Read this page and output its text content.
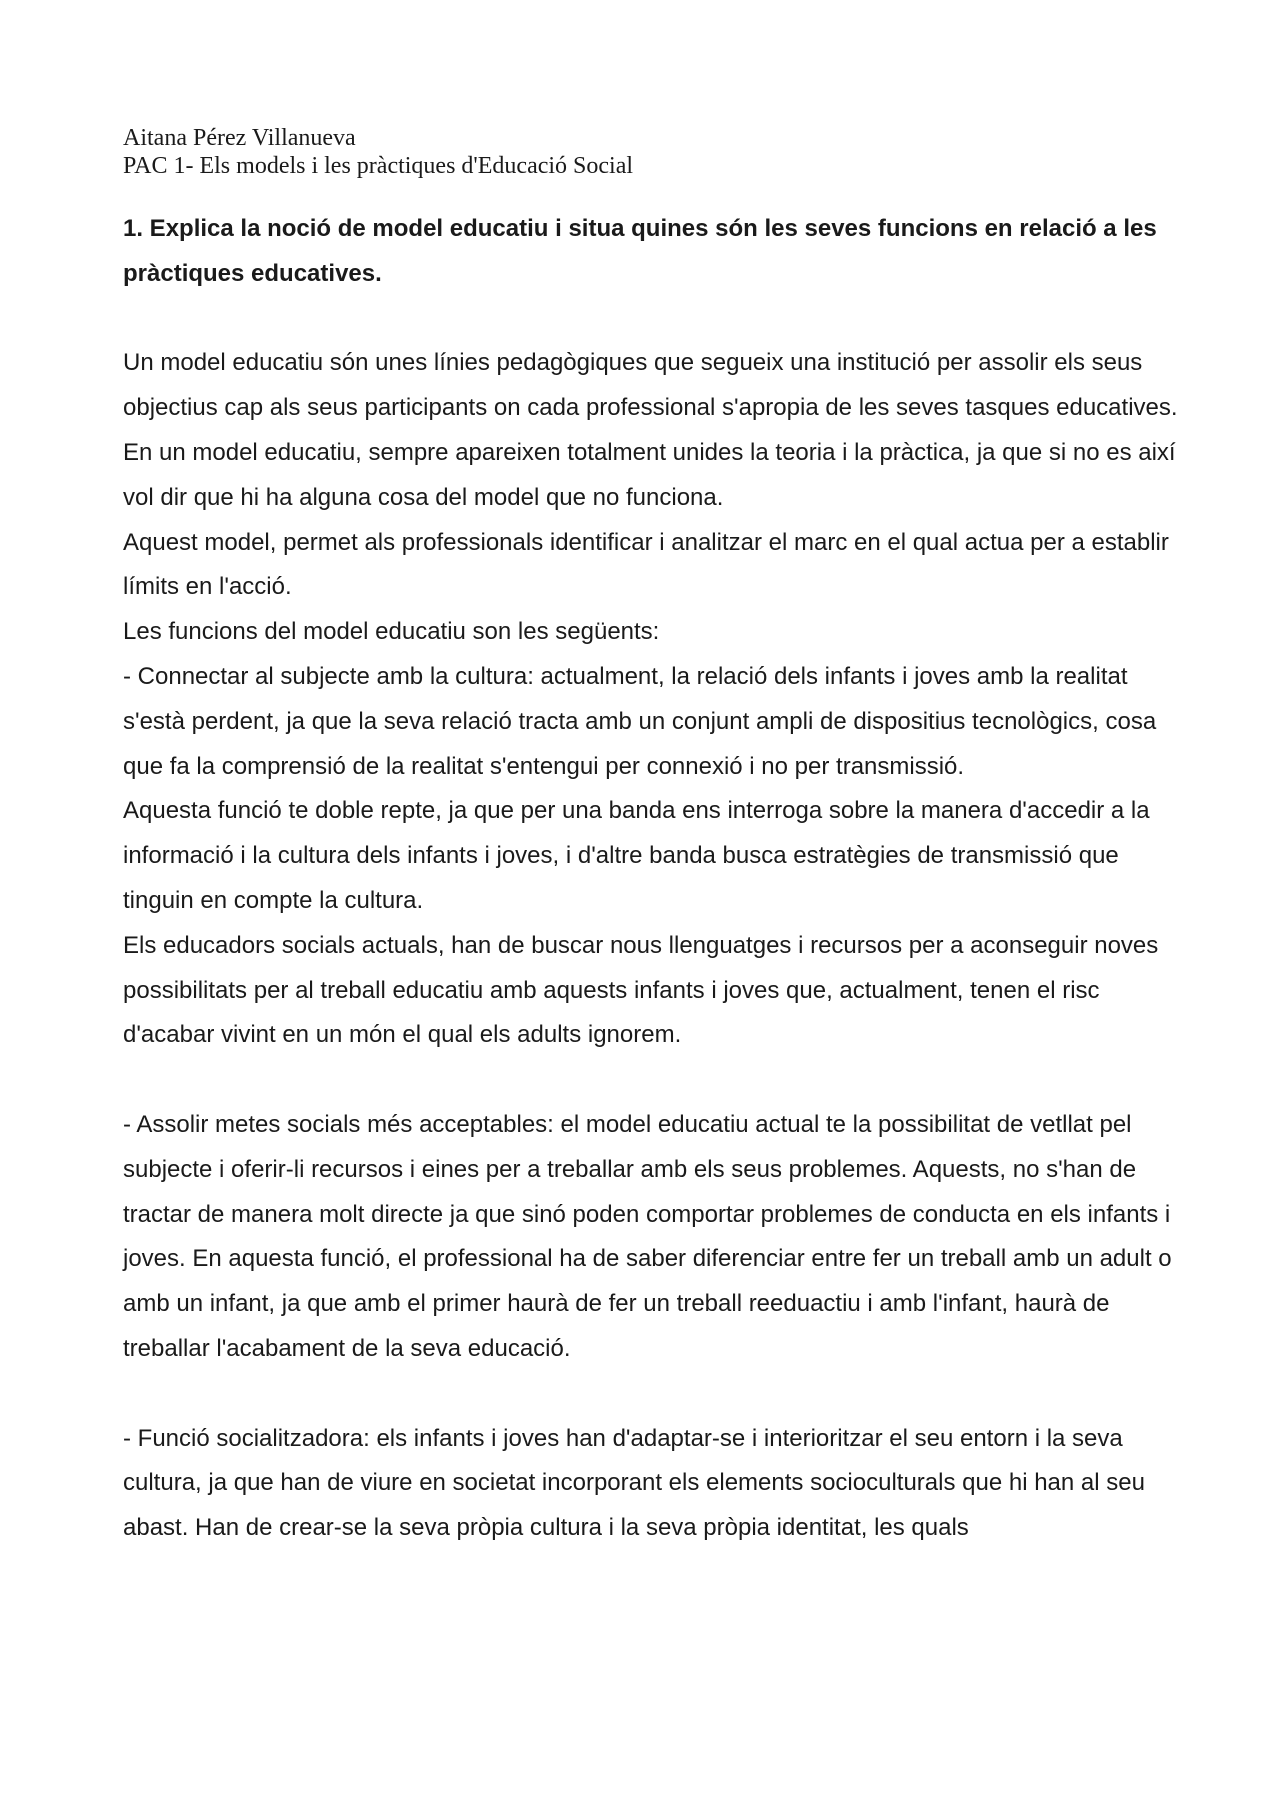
Aitana Pérez Villanueva
PAC 1- Els models i les pràctiques d'Educació Social

1. Explica la noció de model educatiu i situa quines són les seves funcions en relació a les pràctiques educatives.

Un model educatiu són unes línies pedagògiques que segueix una institució per assolir els seus objectius cap als seus participants on cada professional s'apropia de les seves tasques educatives.

En un model educatiu, sempre apareixen totalment unides la teoria i la pràctica, ja que si no es així vol dir que hi ha alguna cosa del model que no funciona.

Aquest model, permet als professionals identificar i analitzar el marc en el qual actua per a establir límits en l'acció.

Les funcions del model educatiu son les següents:

- Connectar al subjecte amb la cultura: actualment, la relació dels infants i joves amb la realitat s'està perdent, ja que la seva relació tracta amb un conjunt ampli de dispositius tecnològics, cosa que fa la comprensió de la realitat s'entengui per connexió i no per transmissió.

Aquesta funció te doble repte, ja que per una banda ens interroga sobre la manera d'accedir a la informació i la cultura dels infants i joves, i d'altre banda busca estratègies de transmissió que tinguin en compte la cultura.

Els educadors socials actuals, han de buscar nous llenguatges i recursos per a aconseguir noves possibilitats per al treball educatiu amb aquests infants i joves que, actualment, tenen el risc d'acabar vivint en un món el qual els adults ignorem.

- Assolir metes socials més acceptables: el model educatiu actual te la possibilitat de vetllat pel subjecte i oferir-li recursos i eines per a treballar amb els seus problemes. Aquests, no s'han de tractar de manera molt directe ja que sinó poden comportar problemes de conducta en els infants i joves. En aquesta funció, el professional ha de saber diferenciar entre fer un treball amb un adult o amb un infant, ja que amb el primer haurà de fer un treball reeduactiu i amb l'infant, haurà de treballar l'acabament de la seva educació.

- Funció socialitzadora: els infants i joves han d'adaptar-se i interioritzar el seu entorn i la seva cultura, ja que han de viure en societat incorporant els elements socioculturals que hi han al seu abast. Han de crear-se la seva pròpia cultura i la seva pròpia identitat, les quals
